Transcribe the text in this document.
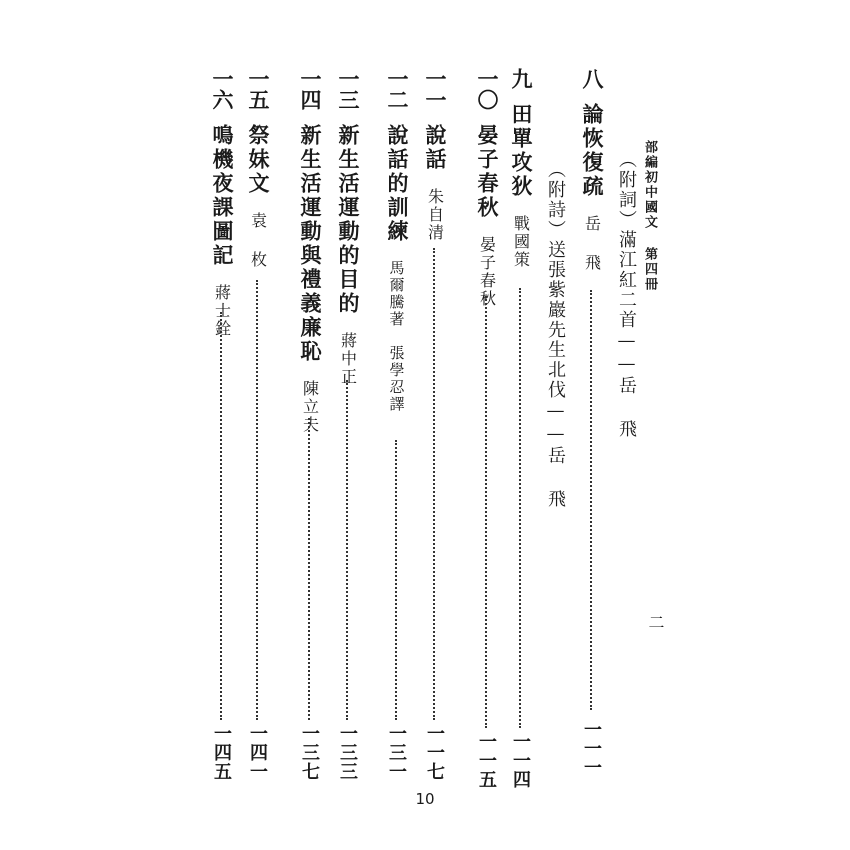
部編初中國文 第四冊
二
八
論恢復疏
岳 飛
一一一
（附詞）滿江紅二首——岳 飛
（附詩）送張紫巖先生北伐——岳 飛
九
田單攻狄
戰國策
一一四
一〇
晏子春秋
晏子春秋
一一五
一一
說話
朱自清
一一七
一二
說話的訓練
馬爾騰著　張學忍譯
一三一
一三
新生活運動的目的
蔣中正
一三三
一四
新生活運動與禮義廉恥
陳立夫
一三七
一五
祭妹文
袁 枚
一四一
一六
鳴機夜課圖記
蔣士銓
一四五
10
